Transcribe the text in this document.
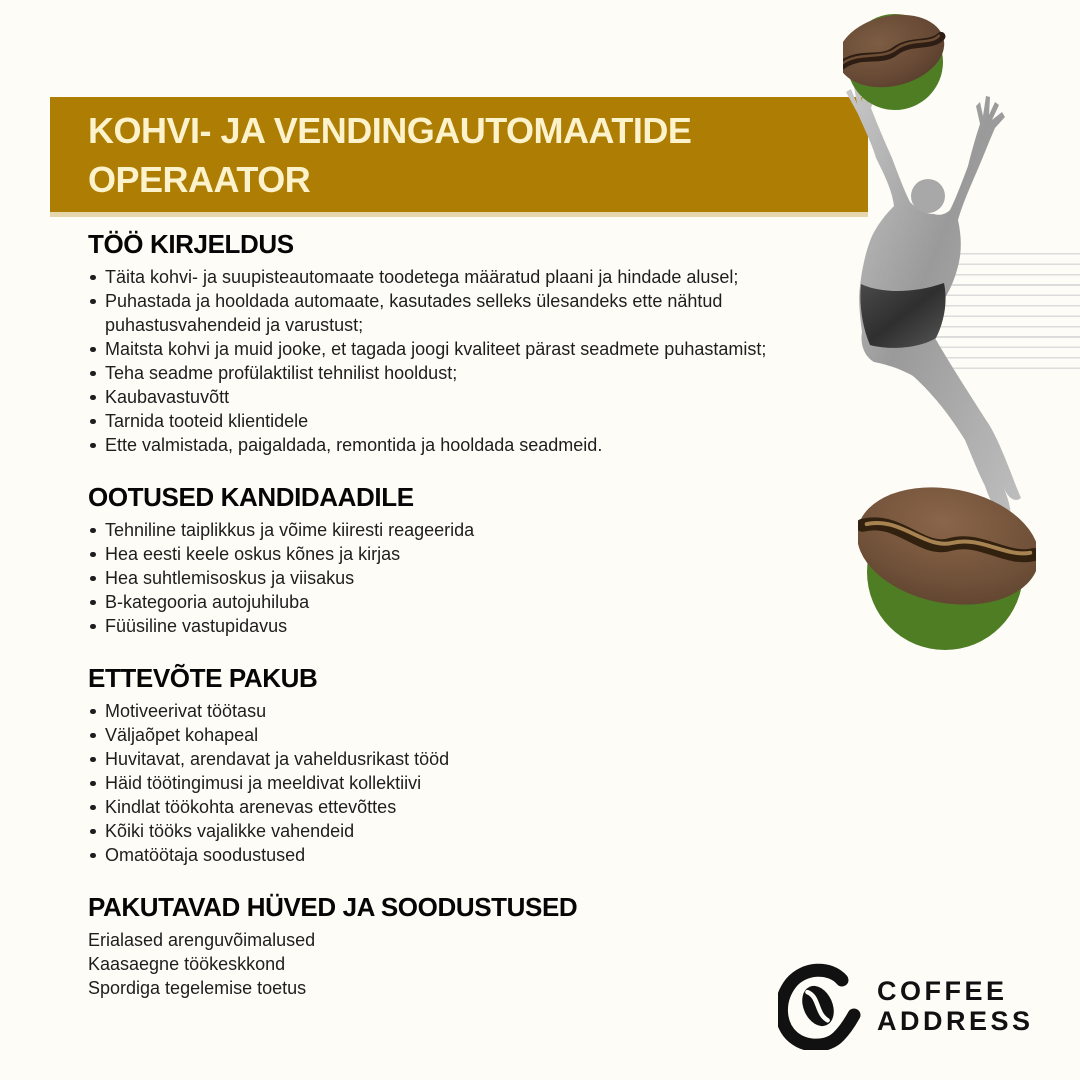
KOHVI- JA VENDINGAUTOMAATIDE
OPERAATOR
TÖÖ KIRJELDUS
Täita kohvi- ja suupisteautomaate toodetega määratud plaani ja hindade alusel;
Puhastada ja hooldada automaate, kasutades selleks ülesandeks ette nähtud puhastusvahendeid ja varustust;
Maitsta kohvi ja muid jooke, et tagada joogi kvaliteet pärast seadmete puhastamist;
Teha seadme profülaktilist tehnilist hooldust;
Kaubavastuvõtt
Tarnida tooteid klientidele
Ette valmistada, paigaldada, remontida ja hooldada seadmeid.
OOTUSED KANDIDAADILE
Tehniline taiplikkus ja võime kiiresti reageerida
Hea eesti keele oskus kõnes ja kirjas
Hea suhtlemisoskus ja viisakus
B-kategooria autojuhiluba
Füüsiline vastupidavus
ETTEVÕTE PAKUB
Motiveerivat töötasu
Väljaõpet kohapeal
Huvitavat, arendavat ja vaheldusrikast tööd
Häid töötingimusi ja meeldivat kollektiivi
Kindlat töökohta arenevas ettevõttes
Kõiki tööks vajalikke vahendeid
Omatöötaja soodustused
PAKUTAVAD HÜVED JA SOODUSTUSED
Erialased arenguvõimalused
Kaasaegne töökeskkond
Spordiga tegelemise toetus	COFFEE
ADDRESS
